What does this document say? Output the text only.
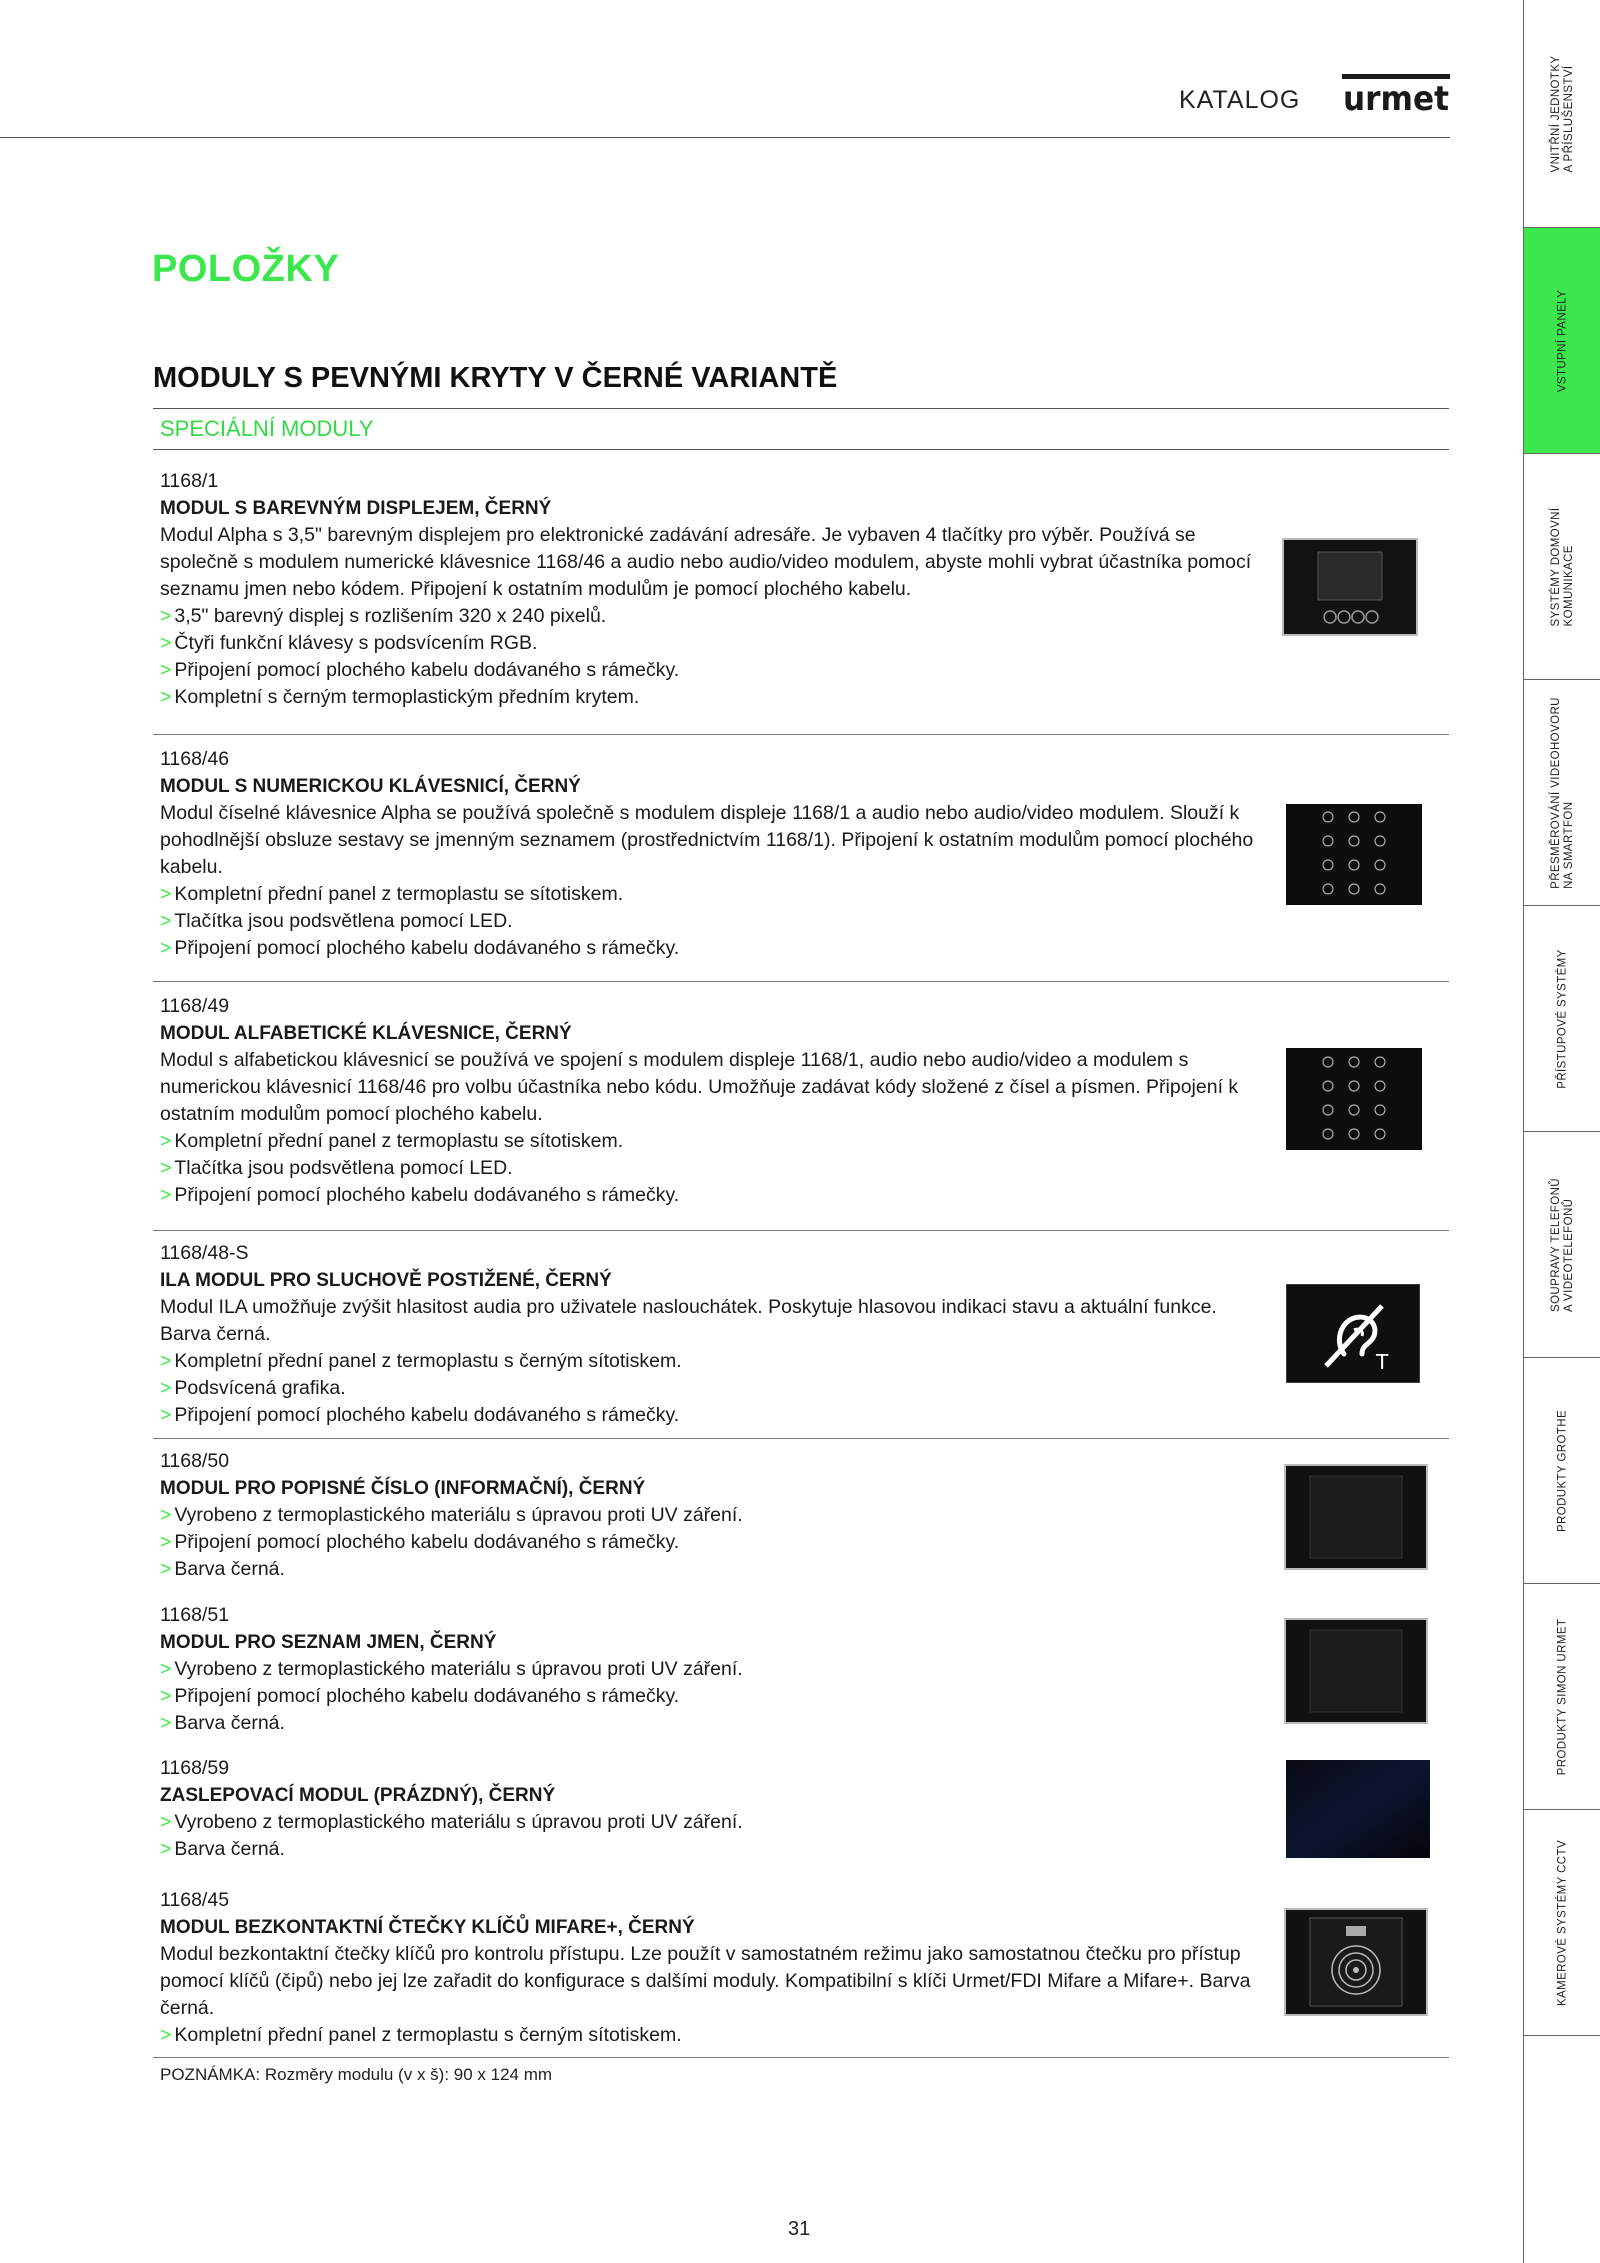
KATALOG urmet
VNITŘNÍ JEDNOTKY
A PŘÍSLUŠENSTVÍ
VSTUPNÍ PANELY
SYSTÉMY DOMOVNÍ
KOMUNIKACE
PŘESMĚROVÁNÍ VIDEOHOVORU
NA SMARTFON
PŘÍSTUPOVÉ SYSTÉMY
SOUPRAVY TELEFONŮ
A VIDEOTELEFONŮ
PRODUKTY GROTHE
PRODUKTY SIMON URMET
KAMEROVÉ SYSTÉMY CCTV
POLOŽKY
MODULY S PEVNÝMI KRYTY V ČERNÉ VARIANTĚ
SPECIÁLNÍ MODULY
1168/1
MODUL S BAREVNÝM DISPLEJEM, ČERNÝ
Modul Alpha s 3,5" barevným displejem pro elektronické zadávání adresáře. Je vybaven 4 tlačítky pro výběr. Používá se společně s modulem numerické klávesnice 1168/46 a audio nebo audio/video modulem, abyste mohli vybrat účastníka pomocí seznamu jmen nebo kódem. Připojení k ostatním modulům je pomocí plochého kabelu.
> 3,5" barevný displej s rozlišením 320 x 240 pixelů.
> Čtyři funkční klávesy s podsvícením RGB.
> Připojení pomocí plochého kabelu dodávaného s rámečky.
> Kompletní s černým termoplastickým předním krytem.
1168/46
MODUL S NUMERICKOU KLÁVESNICÍ, ČERNÝ
Modul číselné klávesnice Alpha se používá společně s modulem displeje 1168/1 a audio nebo audio/video modulem. Slouží k pohodlnější obsluze sestavy se jmenným seznamem (prostřednictvím 1168/1). Připojení k ostatním modulům pomocí plochého kabelu.
> Kompletní přední panel z termoplastu se sítotiskem.
> Tlačítka jsou podsvětlena pomocí LED.
> Připojení pomocí plochého kabelu dodávaného s rámečky.
1168/49
MODUL ALFABETICKÉ KLÁVESNICE, ČERNÝ
Modul s alfabetickou klávesnicí se používá ve spojení s modulem displeje 1168/1, audio nebo audio/video a modulem s numerickou klávesnicí 1168/46 pro volbu účastníka nebo kódu. Umožňuje zadávat kódy složené z čísel a písmen. Připojení k ostatním modulům pomocí plochého kabelu.
> Kompletní přední panel z termoplastu se sítotiskem.
> Tlačítka jsou podsvětlena pomocí LED.
> Připojení pomocí plochého kabelu dodávaného s rámečky.
1168/48-S
ILA MODUL PRO SLUCHOVĚ POSTIŽENÉ, ČERNÝ
Modul ILA umožňuje zvýšit hlasitost audia pro uživatele naslouchátek. Poskytuje hlasovou indikaci stavu a aktuální funkce. Barva černá.
> Kompletní přední panel z termoplastu s černým sítotiskem.
> Podsvícená grafika.
> Připojení pomocí plochého kabelu dodávaného s rámečky.
T
1168/50
MODUL PRO POPISNÉ ČÍSLO (INFORMAČNÍ), ČERNÝ
> Vyrobeno z termoplastického materiálu s úpravou proti UV záření.
> Připojení pomocí plochého kabelu dodávaného s rámečky.
> Barva černá.
1168/51
MODUL PRO SEZNAM JMEN, ČERNÝ
> Vyrobeno z termoplastického materiálu s úpravou proti UV záření.
> Připojení pomocí plochého kabelu dodávaného s rámečky.
> Barva černá.
1168/59
ZASLEPOVACÍ MODUL (PRÁZDNÝ), ČERNÝ
> Vyrobeno z termoplastického materiálu s úpravou proti UV záření.
> Barva černá.
1168/45
MODUL BEZKONTAKTNÍ ČTEČKY KLÍČŮ MIFARE+, ČERNÝ
Modul bezkontaktní čtečky klíčů pro kontrolu přístupu. Lze použít v samostatném režimu jako samostatnou čtečku pro přístup pomocí klíčů (čipů) nebo jej lze zařadit do konfigurace s dalšími moduly. Kompatibilní s klíči Urmet/FDI Mifare a Mifare+. Barva černá.
> Kompletní přední panel z termoplastu s černým sítotiskem.
POZNÁMKA: Rozměry modulu (v x š): 90 x 124 mm
31
